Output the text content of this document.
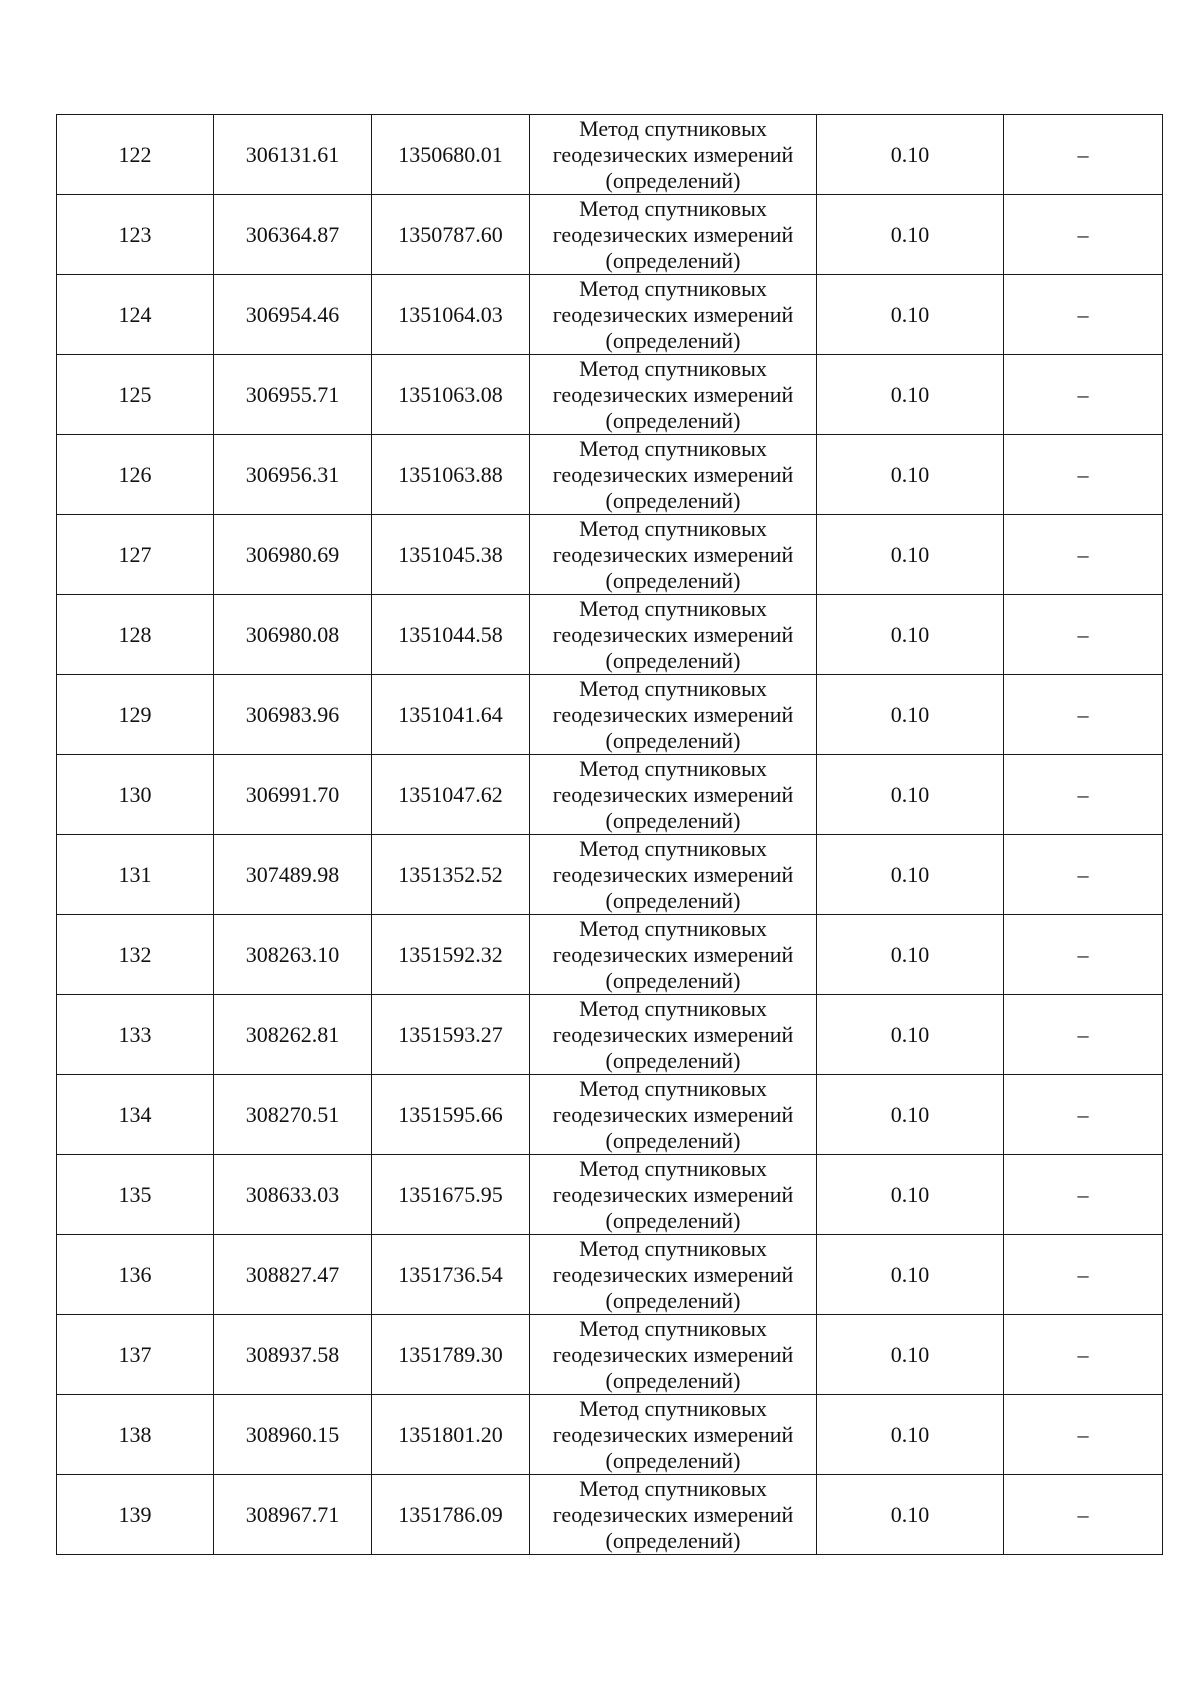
122	306131.61	1350680.01	Метод спутниковых
геодезических измерений
(определений)	0.10	–
123	306364.87	1350787.60	Метод спутниковых
геодезических измерений
(определений)	0.10	–
124	306954.46	1351064.03	Метод спутниковых
геодезических измерений
(определений)	0.10	–
125	306955.71	1351063.08	Метод спутниковых
геодезических измерений
(определений)	0.10	–
126	306956.31	1351063.88	Метод спутниковых
геодезических измерений
(определений)	0.10	–
127	306980.69	1351045.38	Метод спутниковых
геодезических измерений
(определений)	0.10	–
128	306980.08	1351044.58	Метод спутниковых
геодезических измерений
(определений)	0.10	–
129	306983.96	1351041.64	Метод спутниковых
геодезических измерений
(определений)	0.10	–
130	306991.70	1351047.62	Метод спутниковых
геодезических измерений
(определений)	0.10	–
131	307489.98	1351352.52	Метод спутниковых
геодезических измерений
(определений)	0.10	–
132	308263.10	1351592.32	Метод спутниковых
геодезических измерений
(определений)	0.10	–
133	308262.81	1351593.27	Метод спутниковых
геодезических измерений
(определений)	0.10	–
134	308270.51	1351595.66	Метод спутниковых
геодезических измерений
(определений)	0.10	–
135	308633.03	1351675.95	Метод спутниковых
геодезических измерений
(определений)	0.10	–
136	308827.47	1351736.54	Метод спутниковых
геодезических измерений
(определений)	0.10	–
137	308937.58	1351789.30	Метод спутниковых
геодезических измерений
(определений)	0.10	–
138	308960.15	1351801.20	Метод спутниковых
геодезических измерений
(определений)	0.10	–
139	308967.71	1351786.09	Метод спутниковых
геодезических измерений
(определений)	0.10	–
